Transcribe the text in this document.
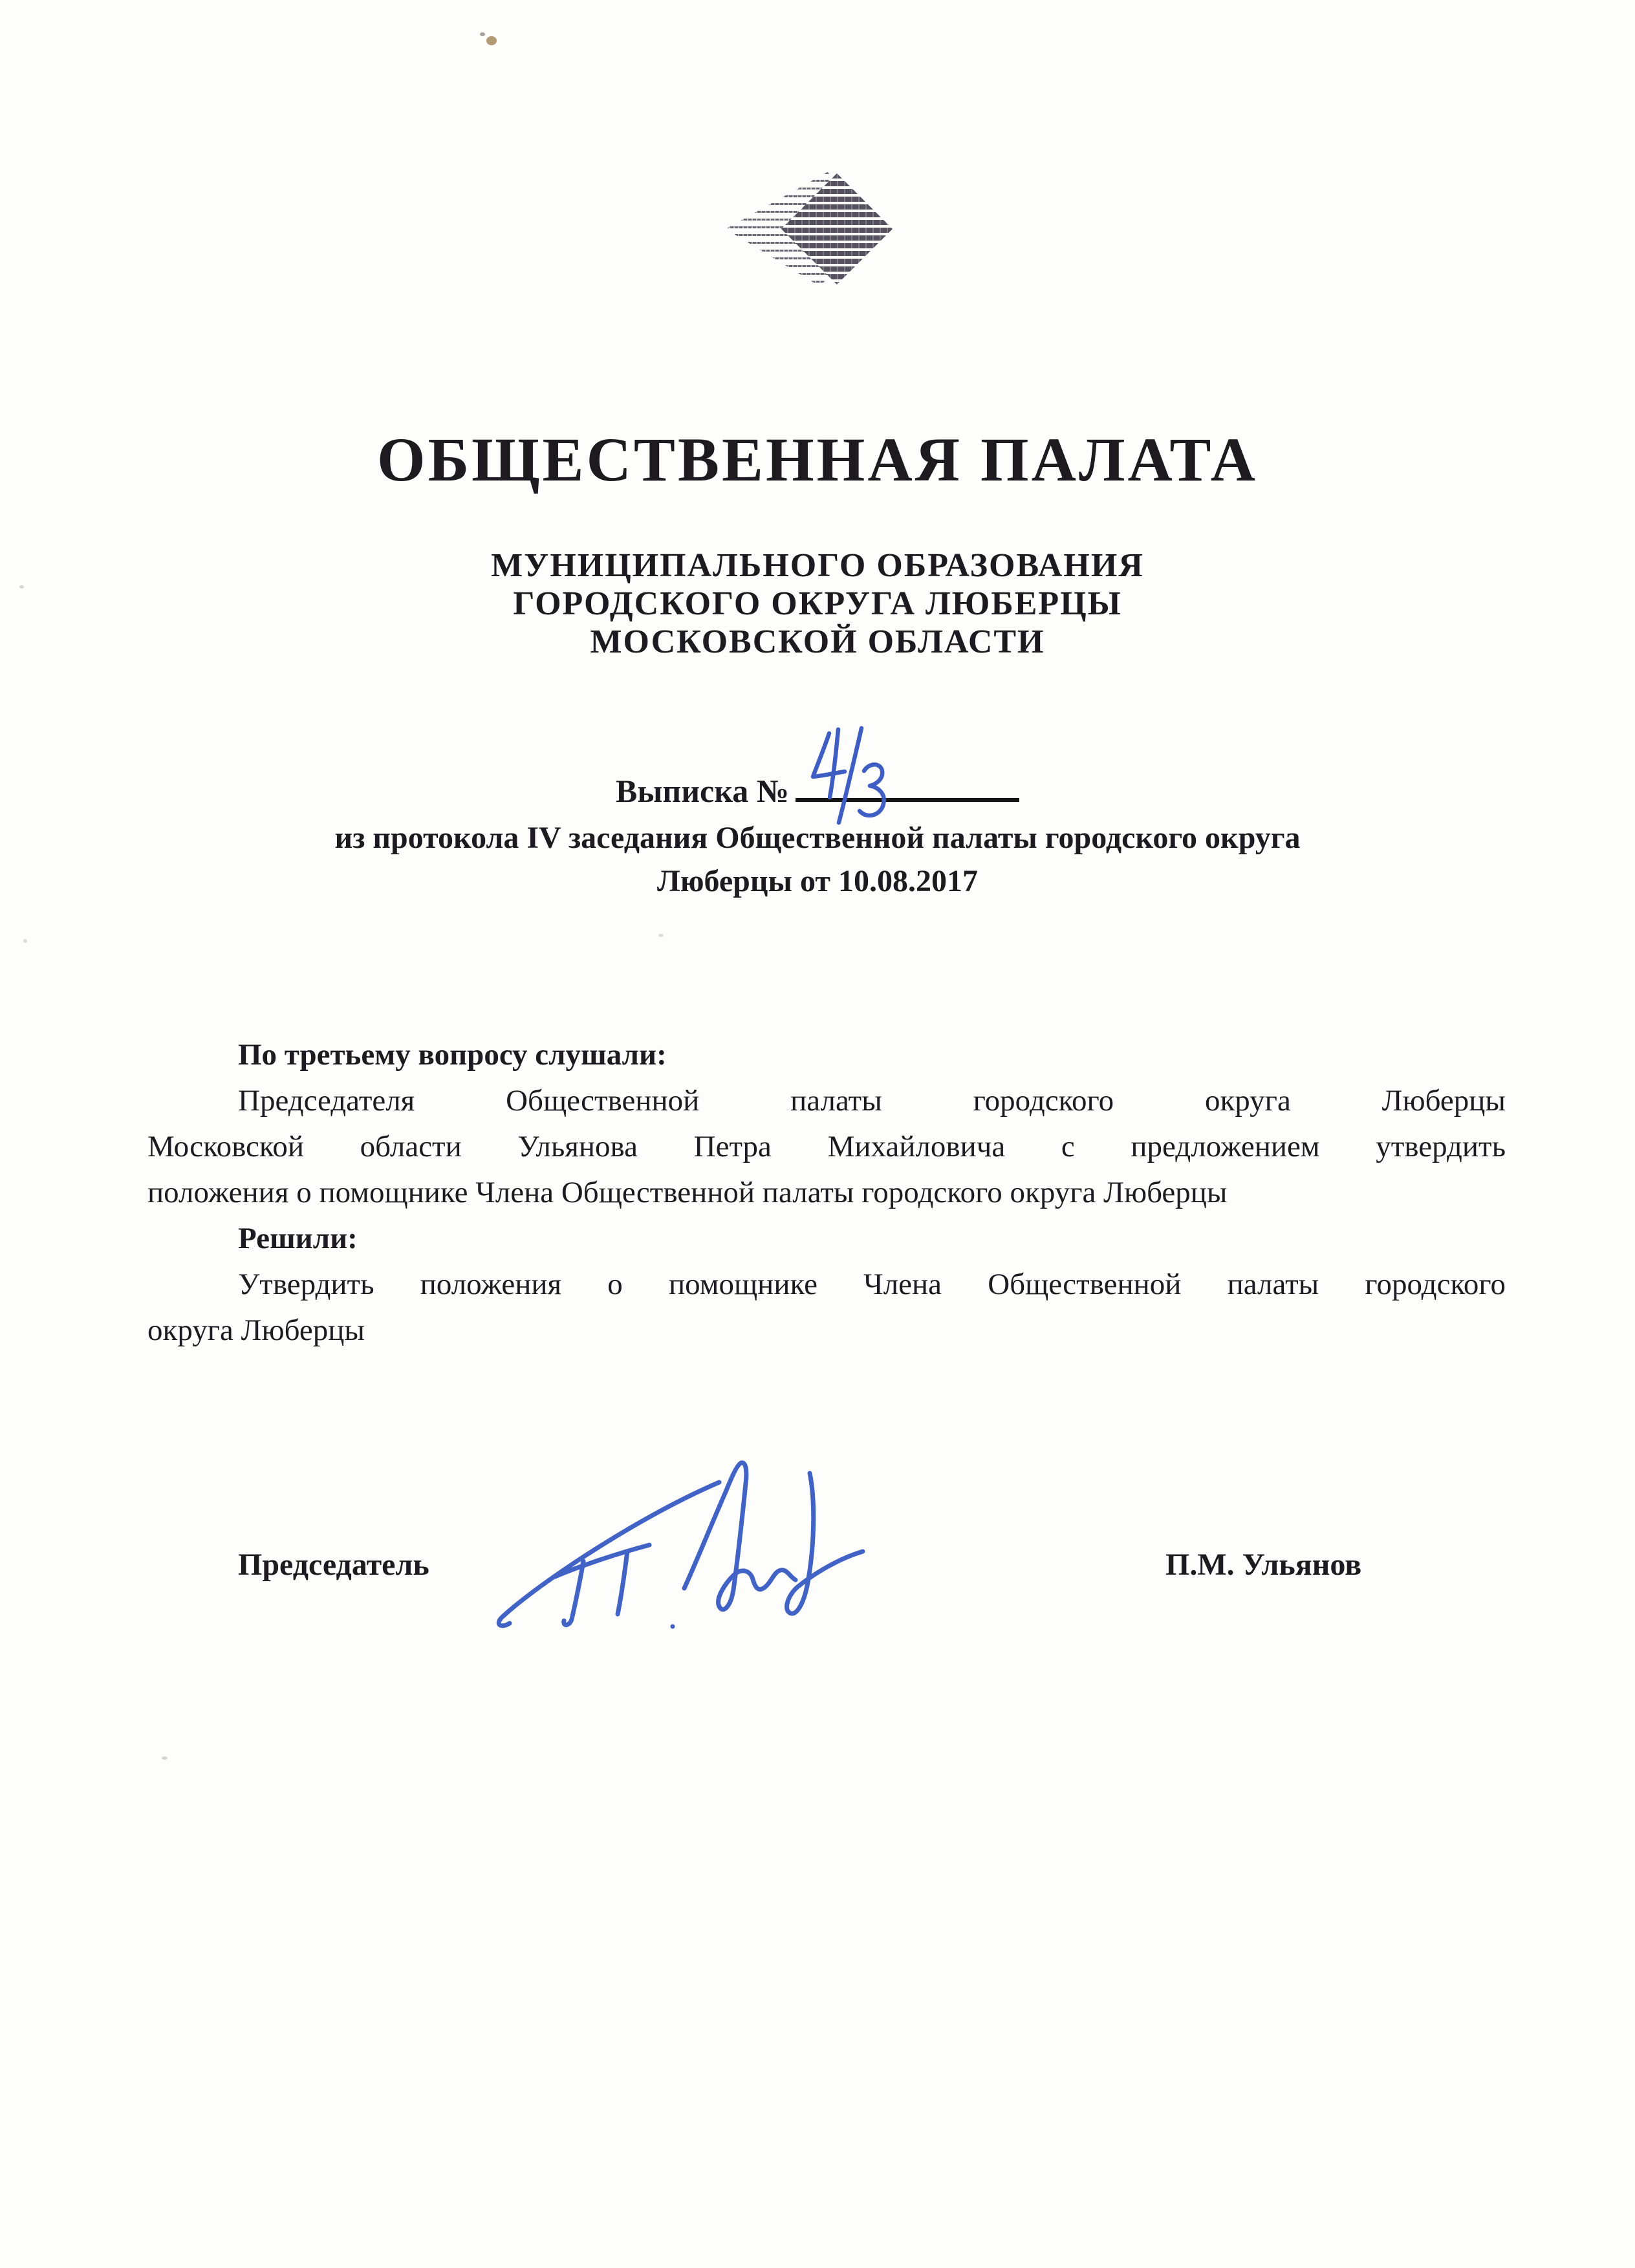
ОБЩЕСТВЕННАЯ ПАЛАТА
МУНИЦИПАЛЬНОГО ОБРАЗОВАНИЯ
ГОРОДСКОГО ОКРУГА ЛЮБЕРЦЫ
МОСКОВСКОЙ ОБЛАСТИ
Выписка №
из протокола IV заседания Общественной палаты городского округа
Люберцы от 10.08.2017
По третьему вопросу слушали:
Председателя Общественной палаты городского округа Люберцы
Московской области Ульянова Петра Михайловича с предложением утвердить
положения о помощнике Члена Общественной палаты городского округа Люберцы
Решили:
Утвердить положения о помощнике Члена Общественной палаты городского
округа Люберцы
Председатель	П.М. Ульянов
